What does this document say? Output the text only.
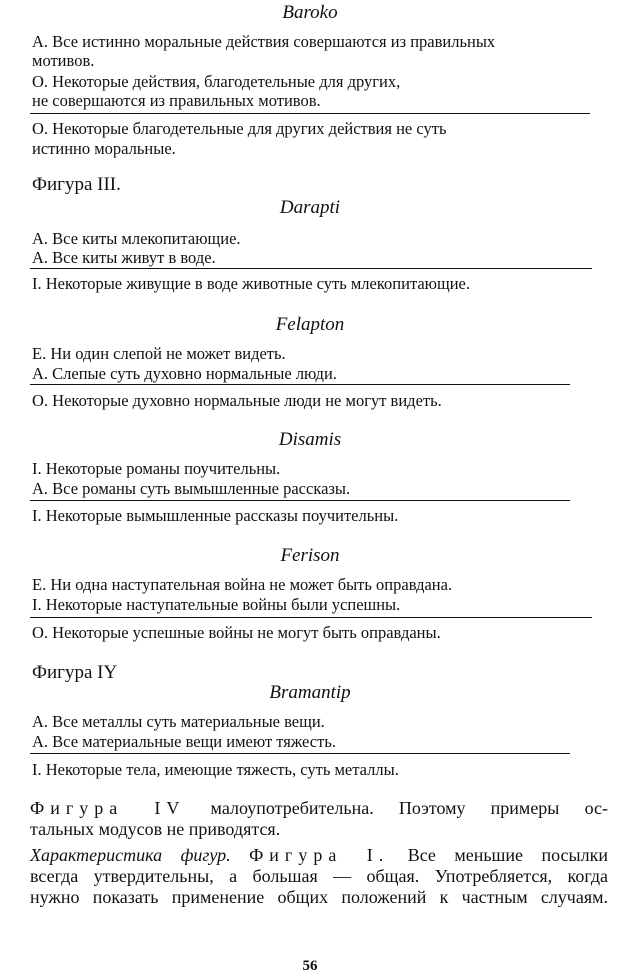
Baroko
А. Все истинно моральные действия совершаются из правильных
мотивов.
О. Некоторые действия, благодетельные для других,
не совершаются из правильных мотивов.
О. Некоторые благодетельные для других действия не суть
истинно моральные.
Фигура III.
Darapti
А. Все киты млекопитающие.
А. Все киты живут в воде.
I. Некоторые живущие в воде животные суть млекопитающие.
Felapton
Е. Ни один слепой не может видеть.
А. Слепые суть духовно нормальные люди.
О. Некоторые духовно нормальные люди не могут видеть.
Disamis
I. Некоторые романы поучительны.
А. Все романы суть вымышленные рассказы.
I. Некоторые вымышленные рассказы поучительны.
Ferison
Е. Ни одна наступательная война не может быть оправдана.
I. Некоторые наступательные войны были успешны.
О. Некоторые успешные войны не могут быть оправданы.
Фигура IY
Bramantip
А. Все металлы суть материальные вещи.
А. Все материальные вещи имеют тяжесть.
I. Некоторые тела, имеющие тяжесть, суть металлы.
Фигура IV малоупотребительна. Поэтому примеры ос-
тальных модусов не приводятся.
Характеристика фигур. Фигура I. Все меньшие посылки
всегда утвердительны, а большая — общая. Употребляется, когда
нужно показать применение общих положений к частным случаям.
56
